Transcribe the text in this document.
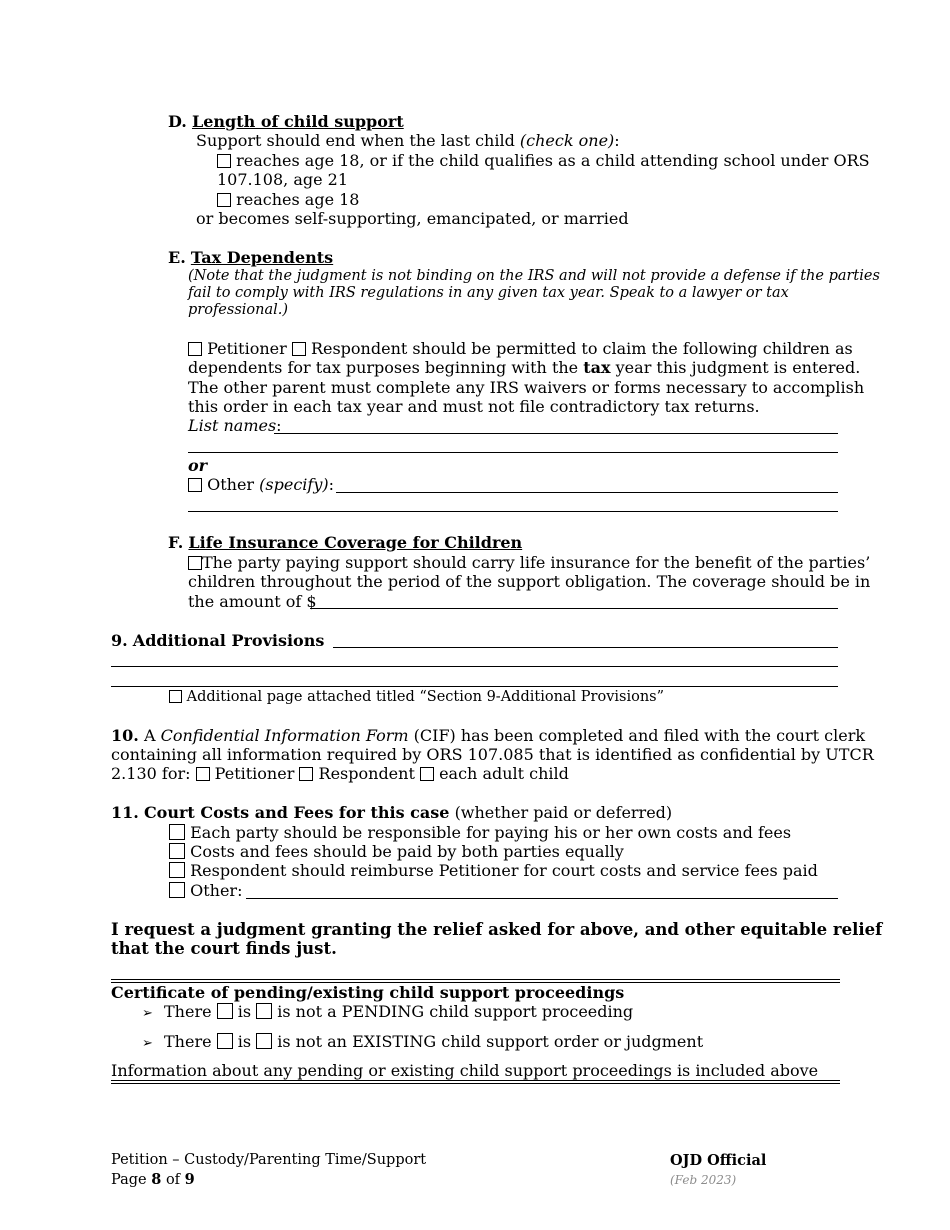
D. Length of child support
Support should end when the last child (check one):
reaches age 18, or if the child qualifies as a child attending school under ORS
107.108, age 21
reaches age 18
or becomes self-supporting, emancipated, or married
E. Tax Dependents
(Note that the judgment is not binding on the IRS and will not provide a defense if the parties
fail to comply with IRS regulations in any given tax year. Speak to a lawyer or tax
professional.)
Petitioner Respondent should be permitted to claim the following children as
dependents for tax purposes beginning with the tax year this judgment is entered.
The other parent must complete any IRS waivers or forms necessary to accomplish
this order in each tax year and must not file contradictory tax returns.
List names:
or
Other (specify):
F. Life Insurance Coverage for Children
The party paying support should carry life insurance for the benefit of the parties’
children throughout the period of the support obligation. The coverage should be in
the amount of $
9. Additional Provisions
Additional page attached titled “Section 9-Additional Provisions”
10. A Confidential Information Form (CIF) has been completed and filed with the court clerk
containing all information required by ORS 107.085 that is identified as confidential by UTCR
2.130 for: Petitioner Respondent each adult child
11. Court Costs and Fees for this case (whether paid or deferred)
Each party should be responsible for paying his or her own costs and fees
Costs and fees should be paid by both parties equally
Respondent should reimburse Petitioner for court costs and service fees paid
Other:
I request a judgment granting the relief asked for above, and other equitable relief
that the court finds just.
Certificate of pending/existing child support proceedings
➢ There is is not a PENDING child support proceeding
➢ There is is not an EXISTING child support order or judgment
Information about any pending or existing child support proceedings is included above
Petition – Custody/Parenting Time/Support
Page 8 of 9
OJD Official
(Feb 2023)
